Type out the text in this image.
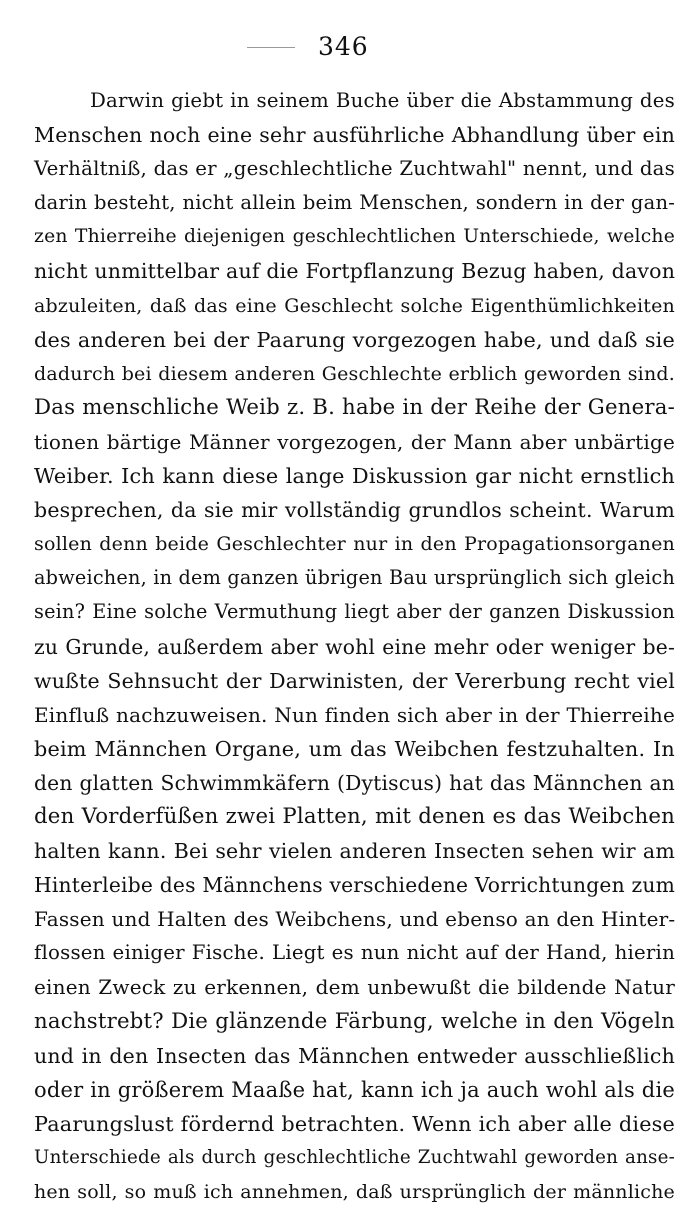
346
Darwin giebt in seinem Buche über die Abstammung des
Menschen noch eine sehr ausführliche Abhandlung über ein
Verhältniß, das er „geschlechtliche Zuchtwahl" nennt, und das
darin besteht, nicht allein beim Menschen, sondern in der gan-
zen Thierreihe diejenigen geschlechtlichen Unterschiede, welche
nicht unmittelbar auf die Fortpflanzung Bezug haben, davon
abzuleiten, daß das eine Geschlecht solche Eigenthümlichkeiten
des anderen bei der Paarung vorgezogen habe, und daß sie
dadurch bei diesem anderen Geschlechte erblich geworden sind.
Das menschliche Weib z. B. habe in der Reihe der Genera-
tionen bärtige Männer vorgezogen, der Mann aber unbärtige
Weiber. Ich kann diese lange Diskussion gar nicht ernstlich
besprechen, da sie mir vollständig grundlos scheint. Warum
sollen denn beide Geschlechter nur in den Propagationsorganen
abweichen, in dem ganzen übrigen Bau ursprünglich sich gleich
sein? Eine solche Vermuthung liegt aber der ganzen Diskussion
zu Grunde, außerdem aber wohl eine mehr oder weniger be-
wußte Sehnsucht der Darwinisten, der Vererbung recht viel
Einfluß nachzuweisen. Nun finden sich aber in der Thierreihe
beim Männchen Organe, um das Weibchen festzuhalten. In
den glatten Schwimmkäfern (Dytiscus) hat das Männchen an
den Vorderfüßen zwei Platten, mit denen es das Weibchen
halten kann. Bei sehr vielen anderen Insecten sehen wir am
Hinterleibe des Männchens verschiedene Vorrichtungen zum
Fassen und Halten des Weibchens, und ebenso an den Hinter-
flossen einiger Fische. Liegt es nun nicht auf der Hand, hierin
einen Zweck zu erkennen, dem unbewußt die bildende Natur
nachstrebt? Die glänzende Färbung, welche in den Vögeln
und in den Insecten das Männchen entweder ausschließlich
oder in größerem Maaße hat, kann ich ja auch wohl als die
Paarungslust fördernd betrachten. Wenn ich aber alle diese
Unterschiede als durch geschlechtliche Zuchtwahl geworden anse-
hen soll, so muß ich annehmen, daß ursprünglich der männliche
